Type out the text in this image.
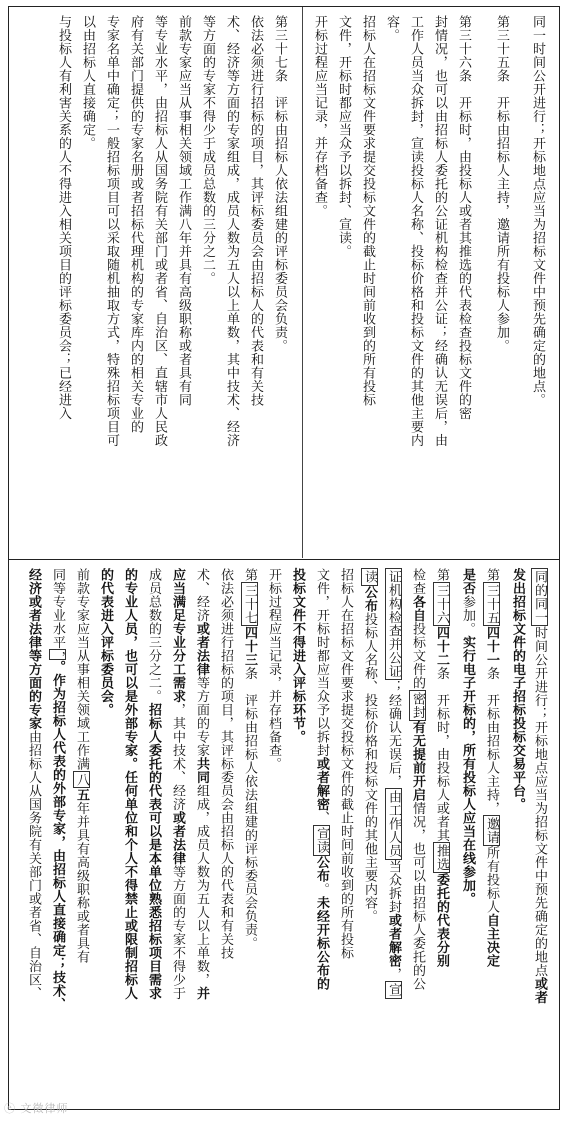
同一时间公开进行；开标地点应当为招标文件中预先确定的地点。
第三十五条　开标由招标人主持，邀请所有投标人参加。
第三十六条　开标时，由投标人或者其推选的代表检查投标文件的密
封情况，也可以由招标人委托的公证机构检查并公证；经确认无误后，由
工作人员当众拆封，宣读投标人名称、投标价格和投标文件的其他主要内
容。
招标人在招标文件要求提交投标文件的截止时间前收到的所有投标
文件，开标时都应当众予以拆封、宣读。
开标过程应当记录，并存档备查。
第三十七条　评标由招标人依法组建的评标委员会负责。
依法必须进行招标的项目，其评标委员会由招标人的代表和有关技
术、经济等方面的专家组成，成员人数为五人以上单数，其中技术、经济
等方面的专家不得少于成员总数的三分之二。
前款专家应当从事相关领域工作满八年并具有高级职称或者具有同
等专业水平，由招标人从国务院有关部门或者省、自治区、直辖市人民政
府有关部门提供的专家名册或者招标代理机构的专家库内的相关专业的
专家名单中确定；一般招标项目可以采取随机抽取方式，特殊招标项目可
以由招标人直接确定。
与投标人有利害关系的人不得进入相关项目的评标委员会；已经进入
同的同一时间公开进行；开标地点应当为招标文件中预先确定的地点或者
发出招标文件的电子招标投标交易平台。
第三十五四十一条　开标由招标人主持，邀请所有投标人自主决定
是否参加。实行电子开标的，所有投标人应当在线参加。
第三十六四十二条　开标时，由投标人或者其推选委托的代表分别
检查各自投标文件的密封有无提前开启情况，也可以由招标人委托的公
证机构检查并公证；经确认无误后，由工作人员当众拆封或者解密，宣
读公布投标人名称、投标价格和投标文件的其他主要内容。
招标人在招标文件要求提交投标文件的截止时间前收到的所有投标
文件，开标时都应当众予以拆封或者解密、宣读公布。未经开标公布的
投标文件不得进入评标环节。
开标过程应当记录，并存档备查。
第三十七四十三条　评标由招标人依法组建的评标委员会负责。
依法必须进行招标的项目，其评标委员会由招标人的代表和有关技
术、经济或者法律等方面的专家共同组成，成员人数为五人以上单数，并
应当满足专业分工需求，其中技术、经济或者法律等方面的专家不得少于
成员总数的三分之二。招标人委托的代表可以是本单位熟悉招标项目需求
的专业人员，也可以是外部专家。任何单位和个人不得禁止或限制招标人
的代表进入评标委员会。
前款专家应当从事相关领域工作满八五年并具有高级职称或者具有
同等专业水平，。作为招标人代表的外部专家，由招标人直接确定；技术、
经济或者法律等方面的专家由招标人从国务院有关部门或者省、自治区、
ⓔ 文徵律师
